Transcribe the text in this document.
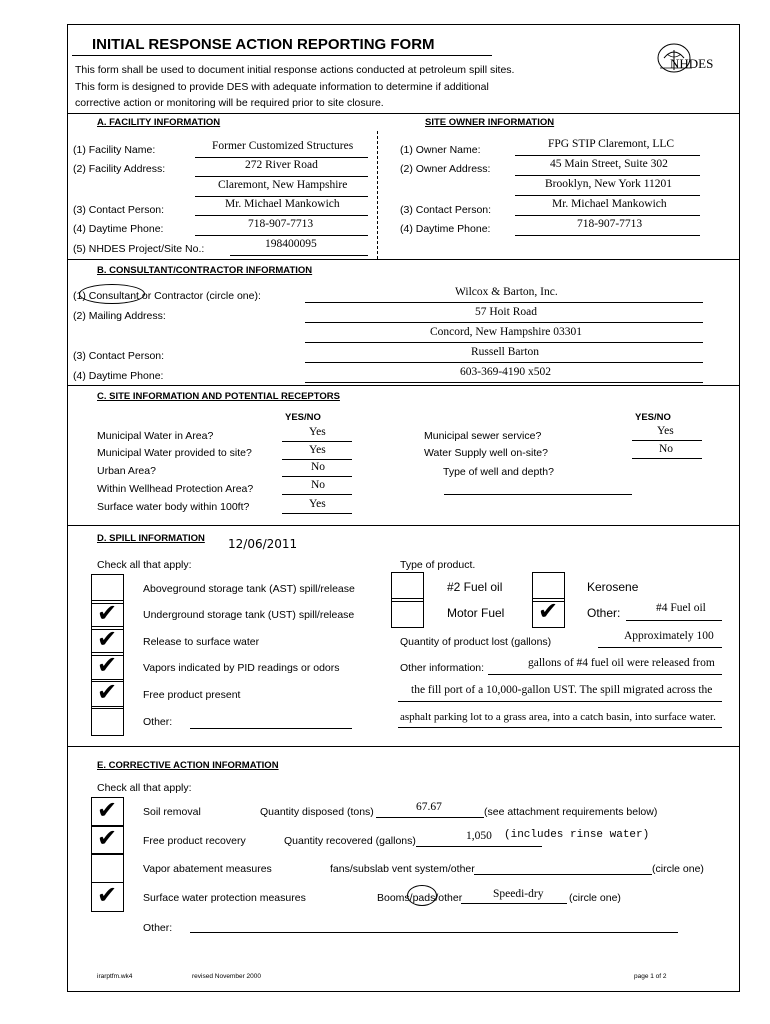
INITIAL RESPONSE ACTION REPORTING FORM
NHDES
This form shall be used to document initial response actions conducted at petroleum spill sites.
This form is designed to provide DES with adequate information to determine if additional
corrective action or monitoring will be required prior to site closure.
A. FACILITY INFORMATION	SITE OWNER INFORMATION
(1) Facility Name:	Former Customized Structures
(2) Facility Address:	272 River Road
Claremont, New Hampshire
(3) Contact Person:	Mr. Michael Mankowich
(4) Daytime Phone:	718-907-7713
(5) NHDES Project/Site No.:	198400095
(1) Owner Name:	FPG STIP Claremont, LLC
(2) Owner Address:	45 Main Street, Suite 302
Brooklyn, New York 11201
(3) Contact Person:	Mr. Michael Mankowich
(4) Daytime Phone:	718-907-7713
B. CONSULTANT/CONTRACTOR INFORMATION
(1) Consultant or Contractor (circle one):	Wilcox & Barton, Inc.
(2) Mailing Address:	57 Hoit Road
Concord, New Hampshire 03301
(3) Contact Person:	Russell Barton
(4) Daytime Phone:	603-369-4190 x502
C. SITE INFORMATION AND POTENTIAL RECEPTORS
YES/NO	YES/NO
Municipal Water in Area?	Yes
Municipal Water provided to site?	Yes
Urban Area?	No
Within Wellhead Protection Area?	No
Surface water body within 100ft?	Yes
Municipal sewer service?	Yes
Water Supply well on-site?	No
Type of well and depth?
D. SPILL INFORMATION 12/06/2011
Check all that apply:
Aboveground storage tank (AST) spill/release
✔ Underground storage tank (UST) spill/release
✔ Release to surface water
✔ Vapors indicated by PID readings or odors
✔ Free product present
Other:
Type of product.
#2 Fuel oil	Kerosene
Motor Fuel ✔ Other:	#4 Fuel oil
Quantity of product lost (gallons)	Approximately 100
Other information:	gallons of #4 fuel oil were released from
the fill port of a 10,000-gallon UST. The spill migrated across the
asphalt parking lot to a grass area, into a catch basin, into surface water.
E. CORRECTIVE ACTION INFORMATION
Check all that apply:
✔ Soil removal	Quantity disposed (tons)	67.67	(see attachment requirements below)
✔ Free product recovery	Quantity recovered (gallons)	1,050 (includes rinse water)
Vapor abatement measures	fans/subslab vent system/other	(circle one)
✔ Surface water protection measures	Booms/pads/other	Speedi-dry (circle one)
Other:
irarptfm.wk4	revised November 2000	page 1 of 2
